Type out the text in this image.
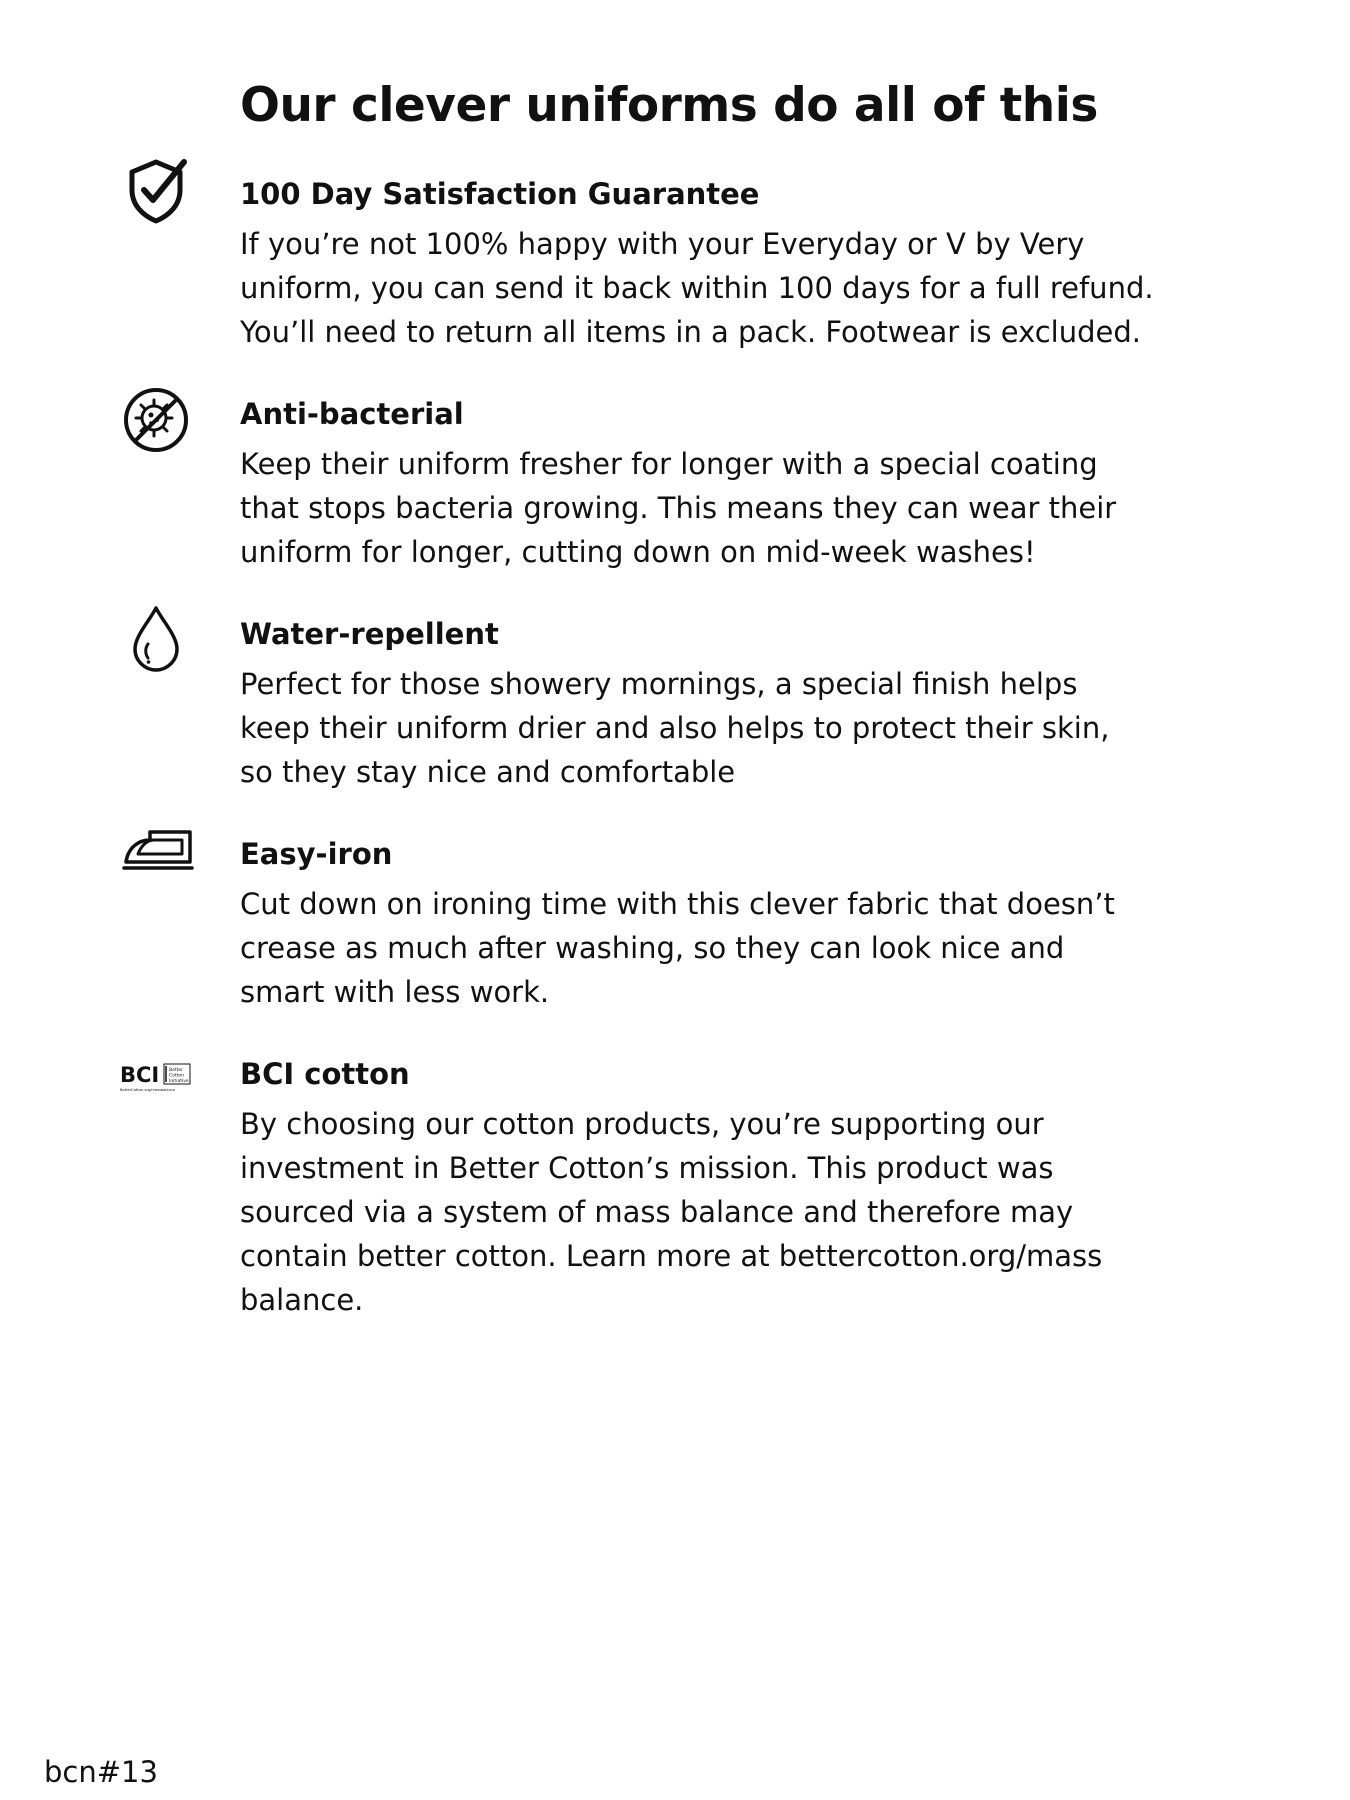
Our clever uniforms do all of this
100 Day Satisfaction Guarantee

If you’re not 100% happy with your Everyday or V by Very
uniform, you can send it back within 100 days for a full refund.
You’ll need to return all items in a pack. Footwear is excluded.

Anti-bacterial

Keep their uniform fresher for longer with a special coating
that stops bacteria growing. This means they can wear their
uniform for longer, cutting down on mid-week washes!

Water-repellent

Perfect for those showery mornings, a special finish helps
keep their uniform drier and also helps to protect their skin,
so they stay nice and comfortable

Easy-iron

Cut down on ironing time with this clever fabric that doesn’t
crease as much after washing, so they can look nice and
smart with less work.

BCI Better
Cotton
Initiative
BetterCotton.org/massbalance BCI cotton

By choosing our cotton products, you’re supporting our
investment in Better Cotton’s mission. This product was
sourced via a system of mass balance and therefore may
contain better cotton. Learn more at bettercotton.org/mass
balance.

bcn#13
